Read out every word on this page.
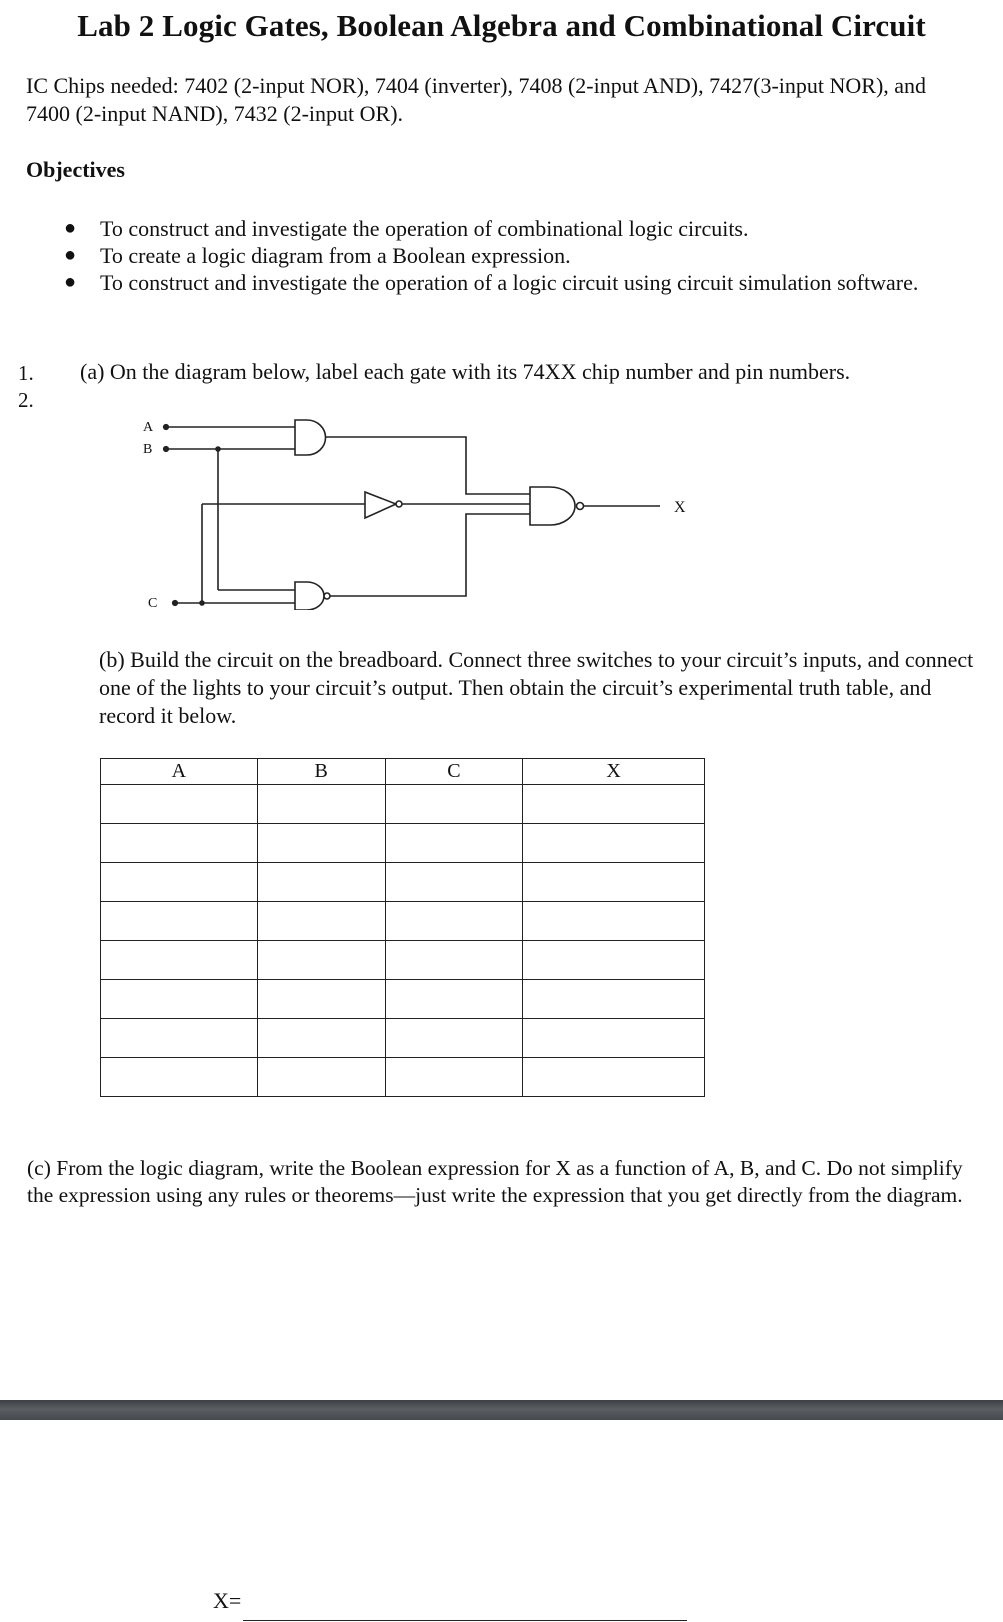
Lab 2 Logic Gates, Boolean Algebra and Combinational Circuit
IC Chips needed: 7402 (2-input NOR), 7404 (inverter), 7408 (2-input AND), 7427(3-input NOR), and 7400 (2-input NAND), 7432 (2-input OR).
Objectives
● To construct and investigate the operation of combinational logic circuits.
● To create a logic diagram from a Boolean expression.
● To construct and investigate the operation of a logic circuit using circuit simulation software.
1.
2.
(a) On the diagram below, label each gate with its 74XX chip number and pin numbers.
A
B
C
X
(b) Build the circuit on the breadboard. Connect three switches to your circuit’s inputs, and connect one of the lights to your circuit’s output. Then obtain the circuit’s experimental truth table, and record it below.
A	B	C	X

(c) From the logic diagram, write the Boolean expression for X as a function of A, B, and C. Do not simplify the expression using any rules or theorems—just write the expression that you get directly from the diagram.
X=
